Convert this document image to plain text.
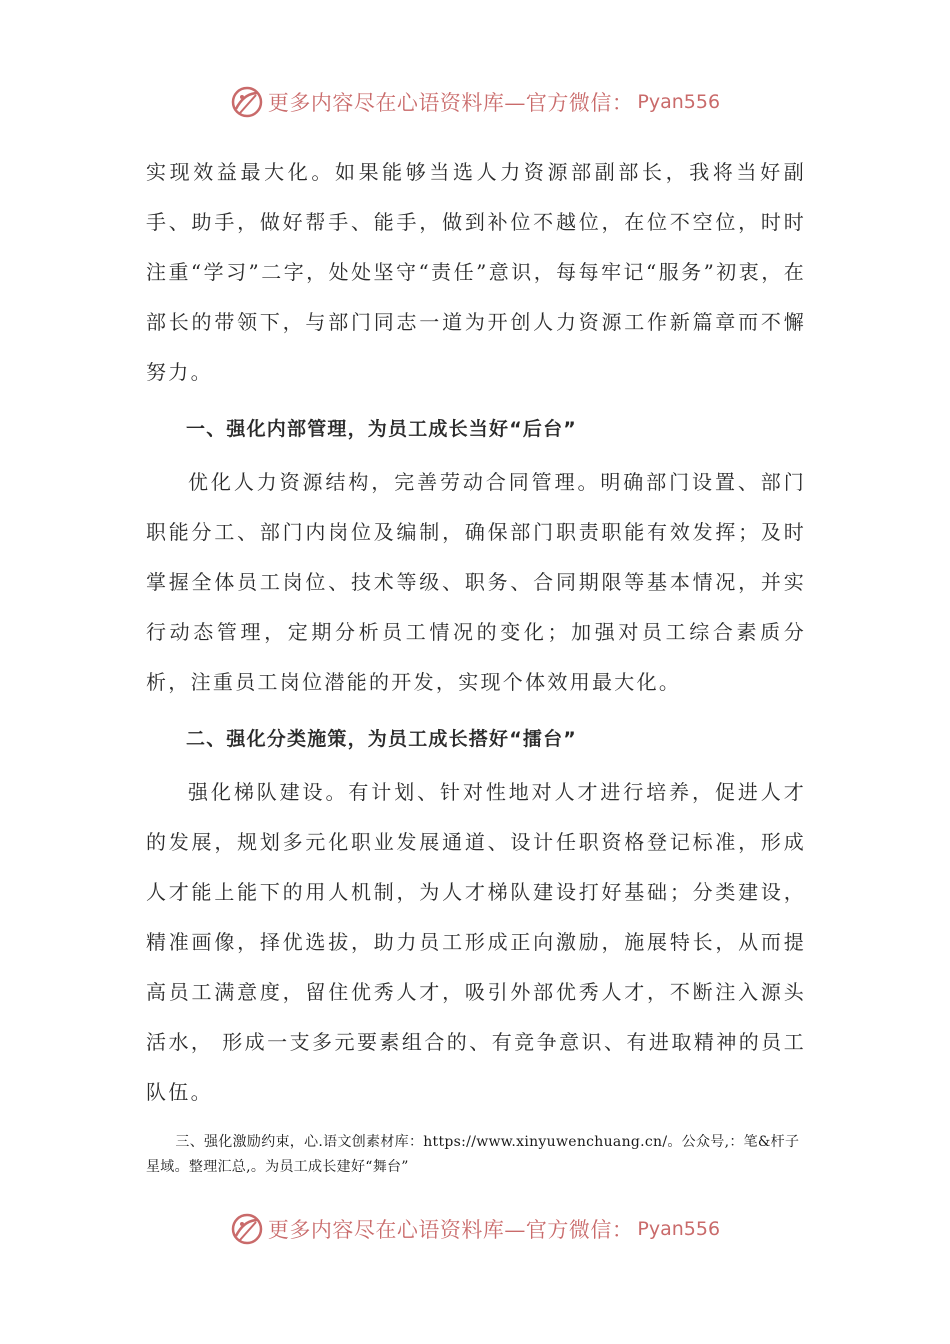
更多内容尽在心语资料库—官方微信： Pyan556

实现效益最大化。如果能够当选人力资源部副部长，我将当好副手、助手，做好帮手、能手，做到补位不越位，在位不空位，时时注重“学习”二字，处处坚守“责任”意识，每每牢记“服务”初衷，在部长的带领下，与部门同志一道为开创人力资源工作新篇章而不懈努力。

一、强化内部管理，为员工成长当好“后台”

优化人力资源结构，完善劳动合同管理。明确部门设置、部门职能分工、部门内岗位及编制，确保部门职责职能有效发挥；及时掌握全体员工岗位、技术等级、职务、合同期限等基本情况，并实行动态管理，定期分析员工情况的变化；加强对员工综合素质分析，注重员工岗位潜能的开发，实现个体效用最大化。

二、强化分类施策，为员工成长搭好“擂台”

强化梯队建设。有计划、针对性地对人才进行培养，促进人才的发展，规划多元化职业发展通道、设计任职资格登记标准，形成人才能上能下的用人机制，为人才梯队建设打好基础；分类建设，精准画像，择优选拔，助力员工形成正向激励，施展特长，从而提高员工满意度，留住优秀人才，吸引外部优秀人才，不断注入源头活水， 形成一支多元要素组合的、有竞争意识、有进取精神的员工队伍。

三、强化激励约束，心.语文创素材库：https://www.xinyuwenchuang.cn/。公众号,：笔&杆子星域。整理汇总,。为员工成长建好“舞台”

更多内容尽在心语资料库—官方微信： Pyan556
